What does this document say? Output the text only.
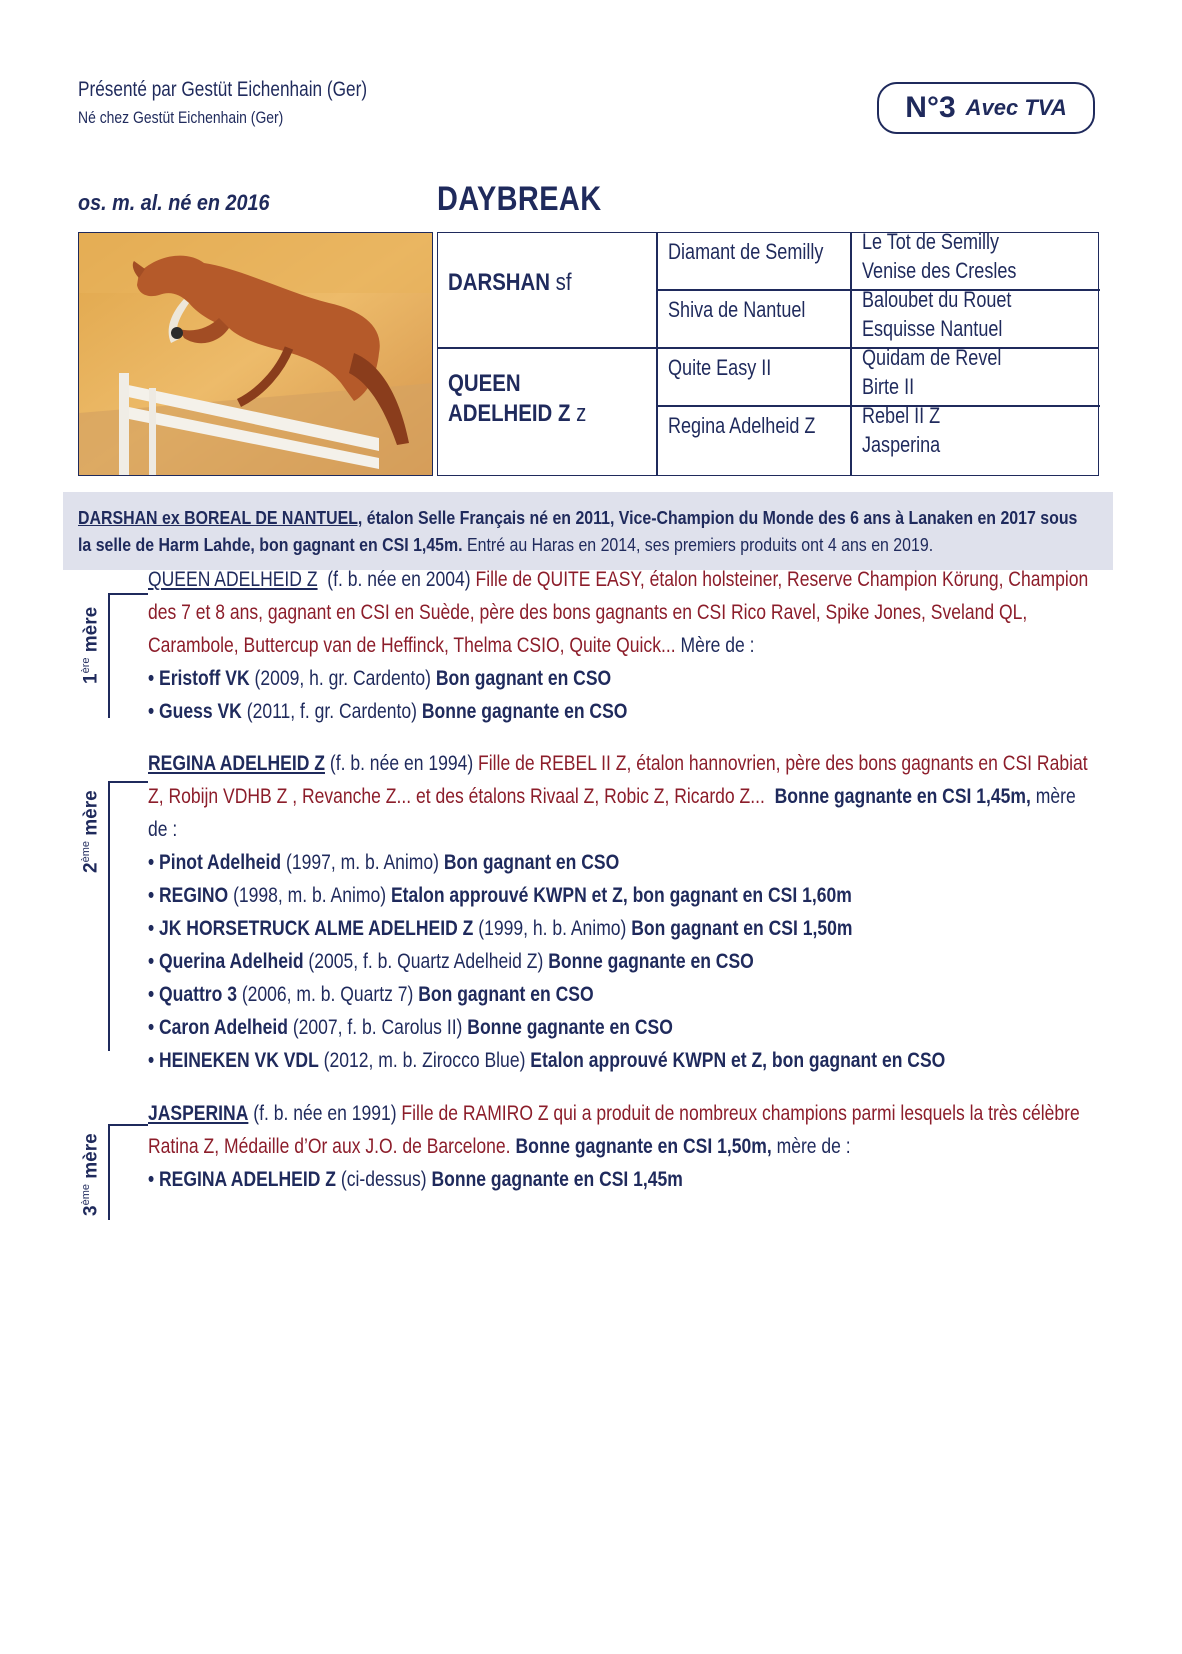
Présenté par Gestüt Eichenhain (Ger)
Né chez Gestüt Eichenhain (Ger)	N°3 Avec TVA
os. m. al. né en 2016	DAYBREAK
DARSHAN sf
QUEEN
ADELHEID Z z
Diamant de Semilly
Shiva de Nantuel
Quite Easy II
Regina Adelheid Z
Le Tot de Semilly
Venise des Cresles
Baloubet du Rouet
Esquisse Nantuel
Quidam de Revel
Birte II
Rebel II Z
Jasperina
DARSHAN ex BOREAL DE NANTUEL, étalon Selle Français né en 2011, Vice-Champion du Monde des 6 ans à Lanaken en 2017 sous la selle de Harm Lahde, bon gagnant en CSI 1,45m. Entré au Haras en 2014, ses premiers produits ont 4 ans en 2019.
1ère mère

QUEEN ADELHEID Z (f. b. née en 2004) Fille de QUITE EASY, étalon holsteiner, Reserve Champion Körung, Champion des 7 et 8 ans, gagnant en CSI en Suède, père des bons gagnants en CSI Rico Ravel, Spike Jones, Sveland QL, Carambole, Buttercup van de Heffinck, Thelma CSIO, Quite Quick... Mère de :

• Eristoff VK (2009, h. gr. Cardento) Bon gagnant en CSO

• Guess VK (2011, f. gr. Cardento) Bonne gagnante en CSO

2ème mère

REGINA ADELHEID Z (f. b. née en 1994) Fille de REBEL II Z, étalon hannovrien, père des bons gagnants en CSI Rabiat Z, Robijn VDHB Z , Revanche Z... et des étalons Rivaal Z, Robic Z, Ricardo Z... Bonne gagnante en CSI 1,45m, mère de :

• Pinot Adelheid (1997, m. b. Animo) Bon gagnant en CSO

• REGINO (1998, m. b. Animo) Etalon approuvé KWPN et Z, bon gagnant en CSI 1,60m

• JK HORSETRUCK ALME ADELHEID Z (1999, h. b. Animo) Bon gagnant en CSI 1,50m

• Querina Adelheid (2005, f. b. Quartz Adelheid Z) Bonne gagnante en CSO

• Quattro 3 (2006, m. b. Quartz 7) Bon gagnant en CSO

• Caron Adelheid (2007, f. b. Carolus II) Bonne gagnante en CSO

• HEINEKEN VK VDL (2012, m. b. Zirocco Blue) Etalon approuvé KWPN et Z, bon gagnant en CSO

3ème mère

JASPERINA (f. b. née en 1991) Fille de RAMIRO Z qui a produit de nombreux champions parmi lesquels la très célèbre Ratina Z, Médaille d’Or aux J.O. de Barcelone. Bonne gagnante en CSI 1,50m, mère de :

• REGINA ADELHEID Z (ci-dessus) Bonne gagnante en CSI 1,45m
